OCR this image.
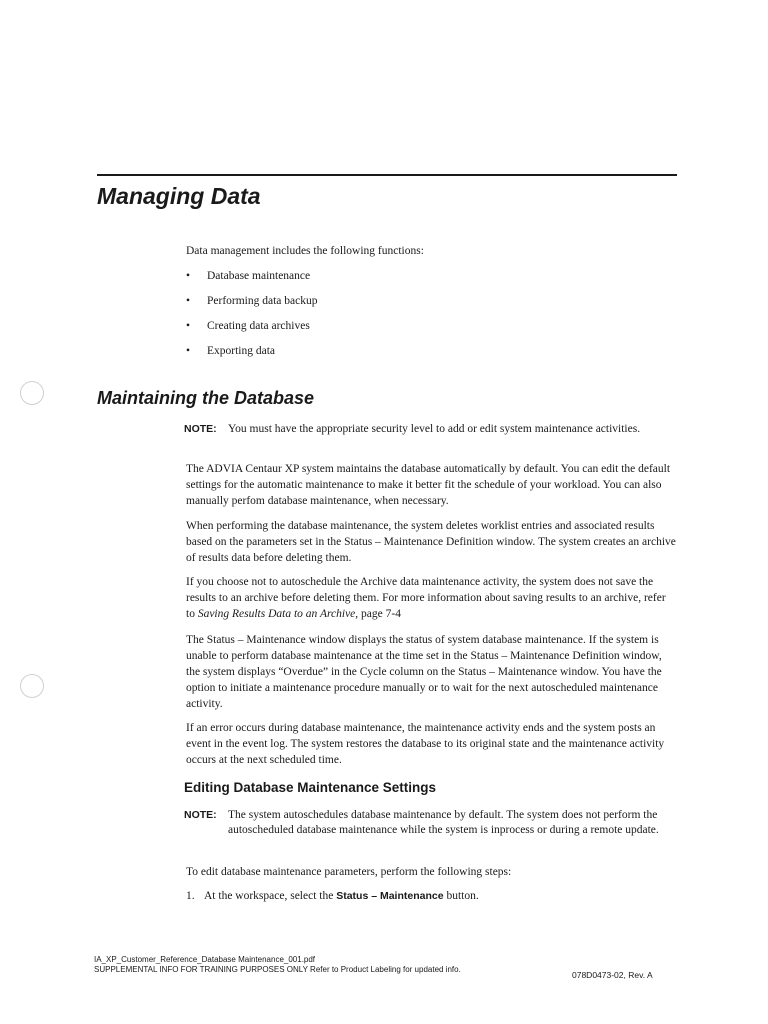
Managing Data

Data management includes the following functions:

• Database maintenance
• Performing data backup
• Creating data archives
• Exporting data
Maintaining the Database
NOTE: You must have the appropriate security level to add or edit system maintenance activities.

The ADVIA Centaur XP system maintains the database automatically by default. You can edit the default settings for the automatic maintenance to make it better fit the schedule of your workload. You can also manually perfom database maintenance, when necessary.

When performing the database maintenance, the system deletes worklist entries and associated results based on the parameters set in the Status – Maintenance Definition window. The system creates an archive of results data before deleting them.

If you choose not to autoschedule the Archive data maintenance activity, the system does not save the results to an archive before deleting them. For more information about saving results to an archive, refer to Saving Results Data to an Archive, page 7-4

The Status – Maintenance window displays the status of system database maintenance. If the system is unable to perform database maintenance at the time set in the Status – Maintenance Definition window, the system displays “Overdue” in the Cycle column on the Status – Maintenance window. You have the option to initiate a maintenance procedure manually or to wait for the next autoscheduled maintenance activity.

If an error occurs during database maintenance, the maintenance activity ends and the system posts an event in the event log. The system restores the database to its original state and the maintenance activity occurs at the next scheduled time.

Editing Database Maintenance Settings
NOTE: The system autoschedules database maintenance by default. The system does not perform the autoscheduled database maintenance while the system is inprocess or during a remote update.

To edit database maintenance parameters, perform the following steps:

1. At the workspace, select the Status – Maintenance button.

IA_XP_Customer_Reference_Database Maintenance_001.pdf

SUPPLEMENTAL INFO FOR TRAINING PURPOSES ONLY Refer to Product Labeling for updated info.

078D0473-02, Rev. A
